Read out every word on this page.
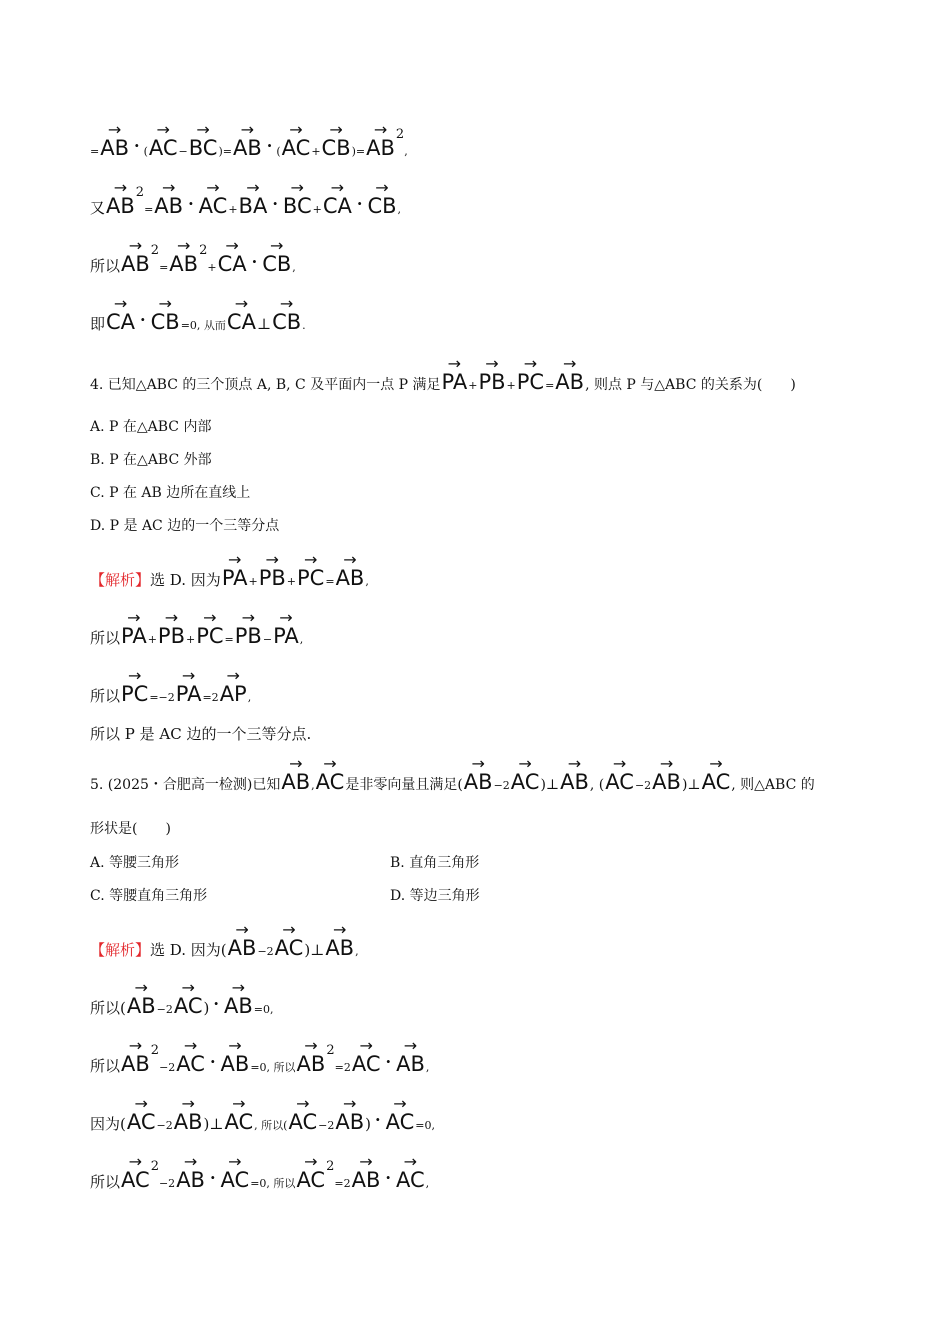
=→ AB · (→ AC−→ BC)=→ AB · (→ AC+→ CB)=→ AB2,
又→ AB2=→ AB · → AC+→ BA · → BC+→ CA · → CB,
所以→ AB2=→ AB2+→ CA · → CB,
即→ CA · → CB=0, 从而→ CA⊥→ CB.
4. 已知△ABC 的三个顶点 A, B, C 及平面内一点 P 满足→ PA+→ PB+→ PC=→ AB, 则点 P 与△ABC 的关系为(　　)
A. P 在△ABC 内部
B. P 在△ABC 外部
C. P 在 AB 边所在直线上
D. P 是 AC 边的一个三等分点
【解析】选 D. 因为→ PA+→ PB+→ PC=→ AB,
所以→ PA+→ PB+→ PC=→ PB−→ PA,
所以→ PC=−2→ PA=2→ AP,
所以 P 是 AC 边的一个三等分点.
5. (2025・合肥高一检测)已知→ AB,→ AC是非零向量且满足(→ AB−2→ AC)⊥→ AB, (→ AC−2→ AB)⊥→ AC, 则△ABC 的
形状是(　　)
A. 等腰三角形	B. 直角三角形
C. 等腰直角三角形	D. 等边三角形
【解析】选 D. 因为(→ AB−2→ AC)⊥→ AB,
所以(→ AB−2→ AC) · → AB=0,
所以→ AB2−2→ AC · → AB=0, 所以→ AB2=2→ AC · → AB,
因为(→ AC−2→ AB)⊥→ AC, 所以(→ AC−2→ AB) · → AC=0,
所以→ AC2−2→ AB · → AC=0, 所以→ AC2=2→ AB · → AC,
